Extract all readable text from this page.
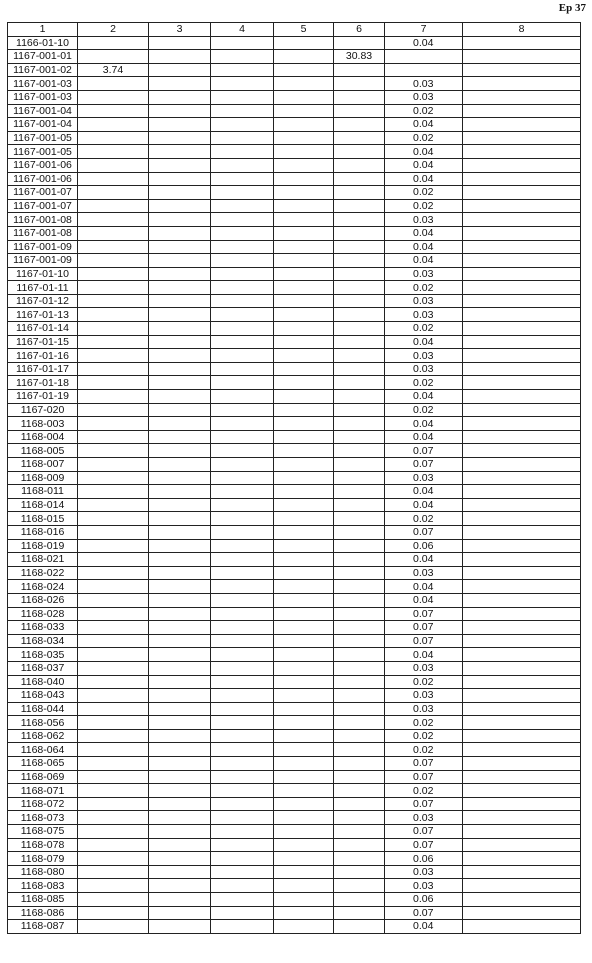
Ер 37
1	2	3	4	5	6	7	8
1166-01-10						0.04	
1167-001-01					30.83		
1167-001-02	3.74						
1167-001-03						0.03	
1167-001-03						0.03	
1167-001-04						0.02	
1167-001-04						0.04	
1167-001-05						0.02	
1167-001-05						0.04	
1167-001-06						0.04	
1167-001-06						0.04	
1167-001-07						0.02	
1167-001-07						0.02	
1167-001-08						0.03	
1167-001-08						0.04	
1167-001-09						0.04	
1167-001-09						0.04	
1167-01-10						0.03	
1167-01-11						0.02	
1167-01-12						0.03	
1167-01-13						0.03	
1167-01-14						0.02	
1167-01-15						0.04	
1167-01-16						0.03	
1167-01-17						0.03	
1167-01-18						0.02	
1167-01-19						0.04	
1167-020						0.02	
1168-003						0.04	
1168-004						0.04	
1168-005						0.07	
1168-007						0.07	
1168-009						0.03	
1168-011						0.04	
1168-014						0.04	
1168-015						0.02	
1168-016						0.07	
1168-019						0.06	
1168-021						0.04	
1168-022						0.03	
1168-024						0.04	
1168-026						0.04	
1168-028						0.07	
1168-033						0.07	
1168-034						0.07	
1168-035						0.04	
1168-037						0.03	
1168-040						0.02	
1168-043						0.03	
1168-044						0.03	
1168-056						0.02	
1168-062						0.02	
1168-064						0.02	
1168-065						0.07	
1168-069						0.07	
1168-071						0.02	
1168-072						0.07	
1168-073						0.03	
1168-075						0.07	
1168-078						0.07	
1168-079						0.06	
1168-080						0.03	
1168-083						0.03	
1168-085						0.06	
1168-086						0.07	
1168-087						0.04	
